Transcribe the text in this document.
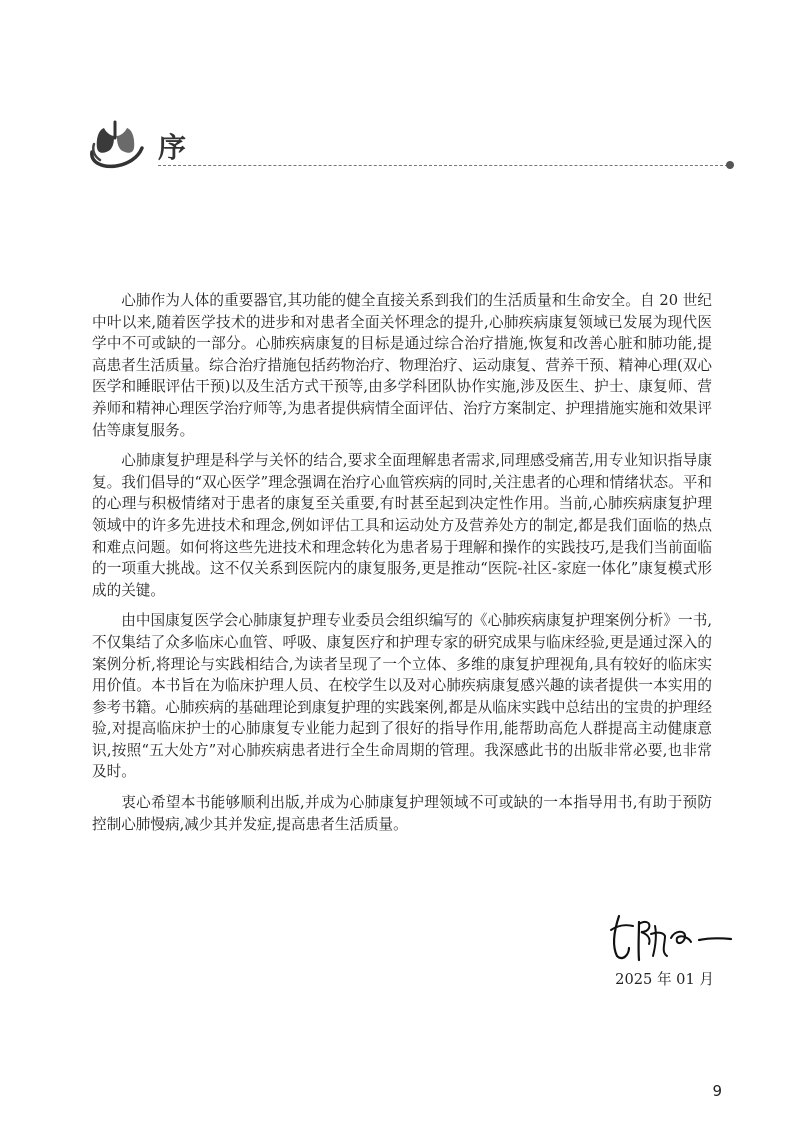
序

心肺作为人体的重要器官,其功能的健全直接关系到我们的生活质量和生命安全。自 20 世纪中叶以来,随着医学技术的进步和对患者全面关怀理念的提升,心肺疾病康复领域已发展为现代医学中不可或缺的一部分。心肺疾病康复的目标是通过综合治疗措施,恢复和改善心脏和肺功能,提高患者生活质量。综合治疗措施包括药物治疗、物理治疗、运动康复、营养干预、精神心理(双心医学和睡眠评估干预)以及生活方式干预等,由多学科团队协作实施,涉及医生、护士、康复师、营养师和精神心理医学治疗师等,为患者提供病情全面评估、治疗方案制定、护理措施实施和效果评估等康复服务。

心肺康复护理是科学与关怀的结合,要求全面理解患者需求,同理感受痛苦,用专业知识指导康复。我们倡导的“双心医学”理念强调在治疗心血管疾病的同时,关注患者的心理和情绪状态。平和的心理与积极情绪对于患者的康复至关重要,有时甚至起到决定性作用。当前,心肺疾病康复护理领域中的许多先进技术和理念,例如评估工具和运动处方及营养处方的制定,都是我们面临的热点和难点问题。如何将这些先进技术和理念转化为患者易于理解和操作的实践技巧,是我们当前面临的一项重大挑战。这不仅关系到医院内的康复服务,更是推动“医院-社区-家庭一体化”康复模式形成的关键。

由中国康复医学会心肺康复护理专业委员会组织编写的《心肺疾病康复护理案例分析》一书,不仅集结了众多临床心血管、呼吸、康复医疗和护理专家的研究成果与临床经验,更是通过深入的案例分析,将理论与实践相结合,为读者呈现了一个立体、多维的康复护理视角,具有较好的临床实用价值。本书旨在为临床护理人员、在校学生以及对心肺疾病康复感兴趣的读者提供一本实用的参考书籍。心肺疾病的基础理论到康复护理的实践案例,都是从临床实践中总结出的宝贵的护理经验,对提高临床护士的心肺康复专业能力起到了很好的指导作用,能帮助高危人群提高主动健康意识,按照“五大处方”对心肺疾病患者进行全生命周期的管理。我深感此书的出版非常必要,也非常及时。

衷心希望本书能够顺利出版,并成为心肺康复护理领域不可或缺的一本指导用书,有助于预防控制心肺慢病,减少其并发症,提高患者生活质量。

2025 年 01 月
9
